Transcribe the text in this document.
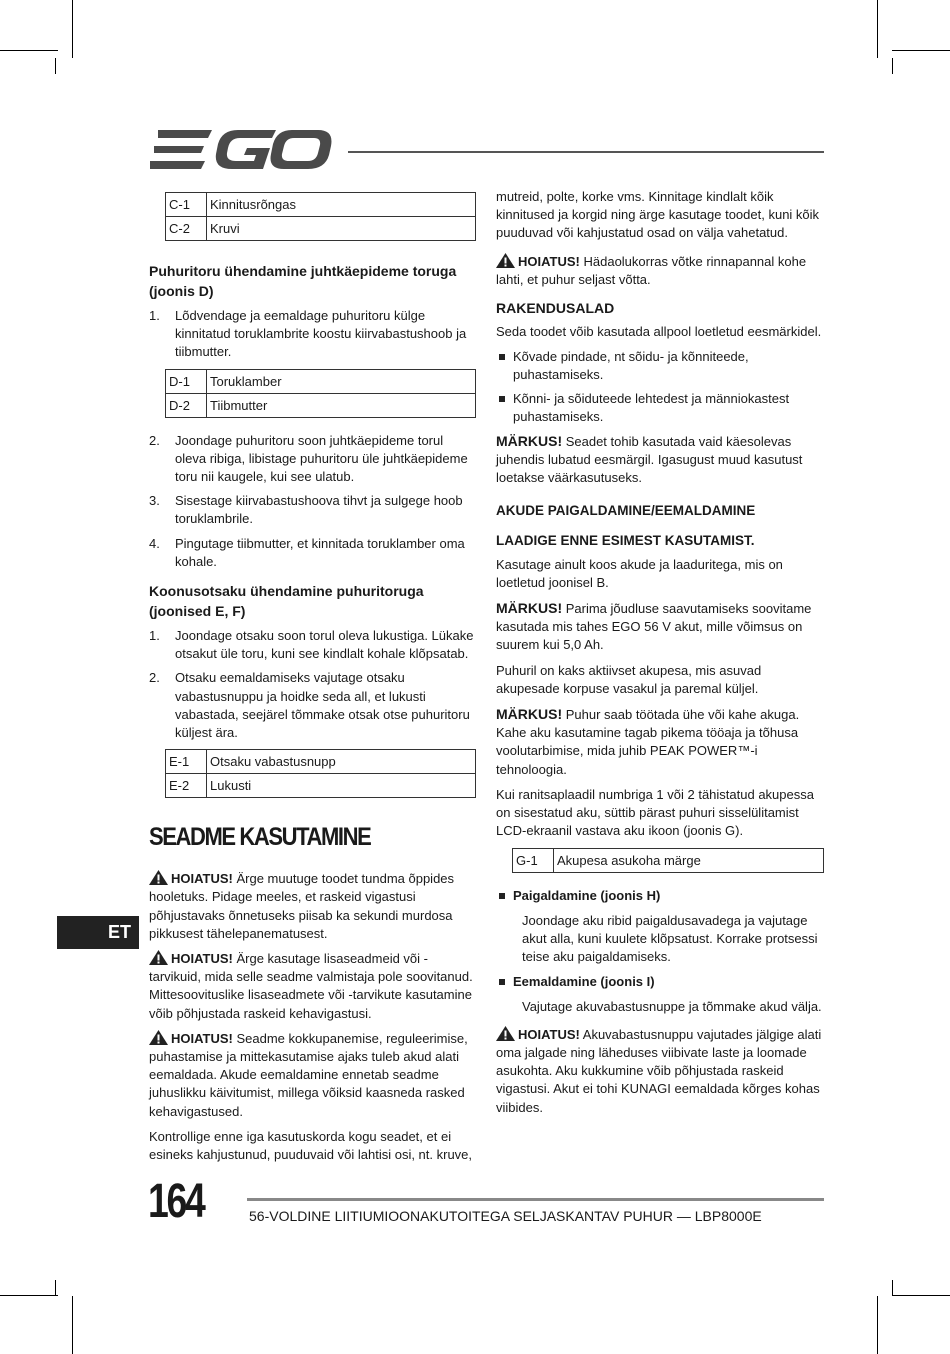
C-1	Kinnitusrõngas
C-2	Kruvi
Puhuritoru ühendamine juhtkäepideme toruga (joonis D)
1. Lõdvendage ja eemaldage puhuritoru külge kinnitatud toruklambrite koostu kiirvabastushoob ja tiibmutter.
D-1	Toruklamber
D-2	Tiibmutter
2. Joondage puhuritoru soon juhtkäepideme torul oleva ribiga, libistage puhuritoru üle juhtkäepideme toru nii kaugele, kui see ulatub.
3. Sisestage kiirvabastushoova tihvt ja sulgege hoob toruklambrile.
4. Pingutage tiibmutter, et kinnitada toruklamber oma kohale.
Koonusotsaku ühendamine puhuritoruga (joonised E, F)
1. Joondage otsaku soon torul oleva lukustiga. Lükake otsakut üle toru, kuni see kindlalt kohale klõpsatab.
2. Otsaku eemaldamiseks vajutage otsaku vabastusnuppu ja hoidke seda all, et lukusti vabastada, seejärel tõmmake otsak otse puhuritoru küljest ära.
E-1	Otsaku vabastusnupp
E-2	Lukusti
SEADME KASUTAMINE

HOIATUS! Ärge muutuge toodet tundma õppides hooletuks. Pidage meeles, et raskeid vigastusi põhjustavaks õnnetuseks piisab ka sekundi murdosa pikkusest tähelepanematusest.

HOIATUS! Ärge kasutage lisaseadmeid või -tarvikuid, mida selle seadme valmistaja pole soovitanud. Mittesoovituslike lisaseadmete või -tarvikute kasutamine võib põhjustada raskeid kehavigastusi.

HOIATUS! Seadme kokkupanemise, reguleerimise, puhastamise ja mittekasutamise ajaks tuleb akud alati eemaldada. Akude eemaldamine ennetab seadme juhuslikku käivitumist, millega võiksid kaasneda rasked kehavigastused.

Kontrollige enne iga kasutuskorda kogu seadet, et ei esineks kahjustunud, puuduvaid või lahtisi osi, nt. kruve,

mutreid, polte, korke vms. Kinnitage kindlalt kõik kinnitused ja korgid ning ärge kasutage toodet, kuni kõik puuduvad või kahjustatud osad on välja vahetatud.

HOIATUS! Hädaolukorras võtke rinnapannal kohe lahti, et puhur seljast võtta.

RAKENDUSALAD

Seda toodet võib kasutada allpool loetletud eesmärkidel.

Kõvade pindade, nt sõidu- ja kõnniteede, puhastamiseks.
Kõnni- ja sõiduteede lehtedest ja männiokastest puhastamiseks.

MÄRKUS! Seadet tohib kasutada vaid käesolevas juhendis lubatud eesmärgil. Igasugust muud kasutust loetakse väärkasutuseks.

AKUDE PAIGALDAMINE/EEMALDAMINE
LAADIGE ENNE ESIMEST KASUTAMIST.

Kasutage ainult koos akude ja laaduritega, mis on loetletud joonisel B.

MÄRKUS! Parima jõudluse saavutamiseks soovitame kasutada mis tahes EGO 56 V akut, mille võimsus on suurem kui 5,0 Ah.

Puhuril on kaks aktiivset akupesa, mis asuvad akupesade korpuse vasakul ja paremal küljel.

MÄRKUS! Puhur saab töötada ühe või kahe akuga. Kahe aku kasutamine tagab pikema tööaja ja tõhusa voolutarbimise, mida juhib PEAK POWER™-i tehnoloogia.

Kui ranitsaplaadil numbriga 1 või 2 tähistatud akupessa on sisestatud aku, süttib pärast puhuri sisselülitamist LCD-ekraanil vastava aku ikoon (joonis G).

G-1	Akupesa asukoha märge
Paigaldamine (joonis H)

Joondage aku ribid paigaldusavadega ja vajutage akut alla, kuni kuulete klõpsatust. Korrake protsessi teise aku paigaldamiseks.

Eemaldamine (joonis I)

Vajutage akuvabastusnuppe ja tõmmake akud välja.

HOIATUS! Akuvabastusnuppu vajutades jälgige alati oma jalgade ning läheduses viibivate laste ja loomade asukohta. Aku kukkumine võib põhjustada raskeid vigastusi. Akut ei tohi KUNAGI eemaldada kõrges kohas viibides.

ET
164	56-VOLDINE LIITIUMIOONAKUTOITEGA SELJASKANTAV PUHUR — LBP8000E
